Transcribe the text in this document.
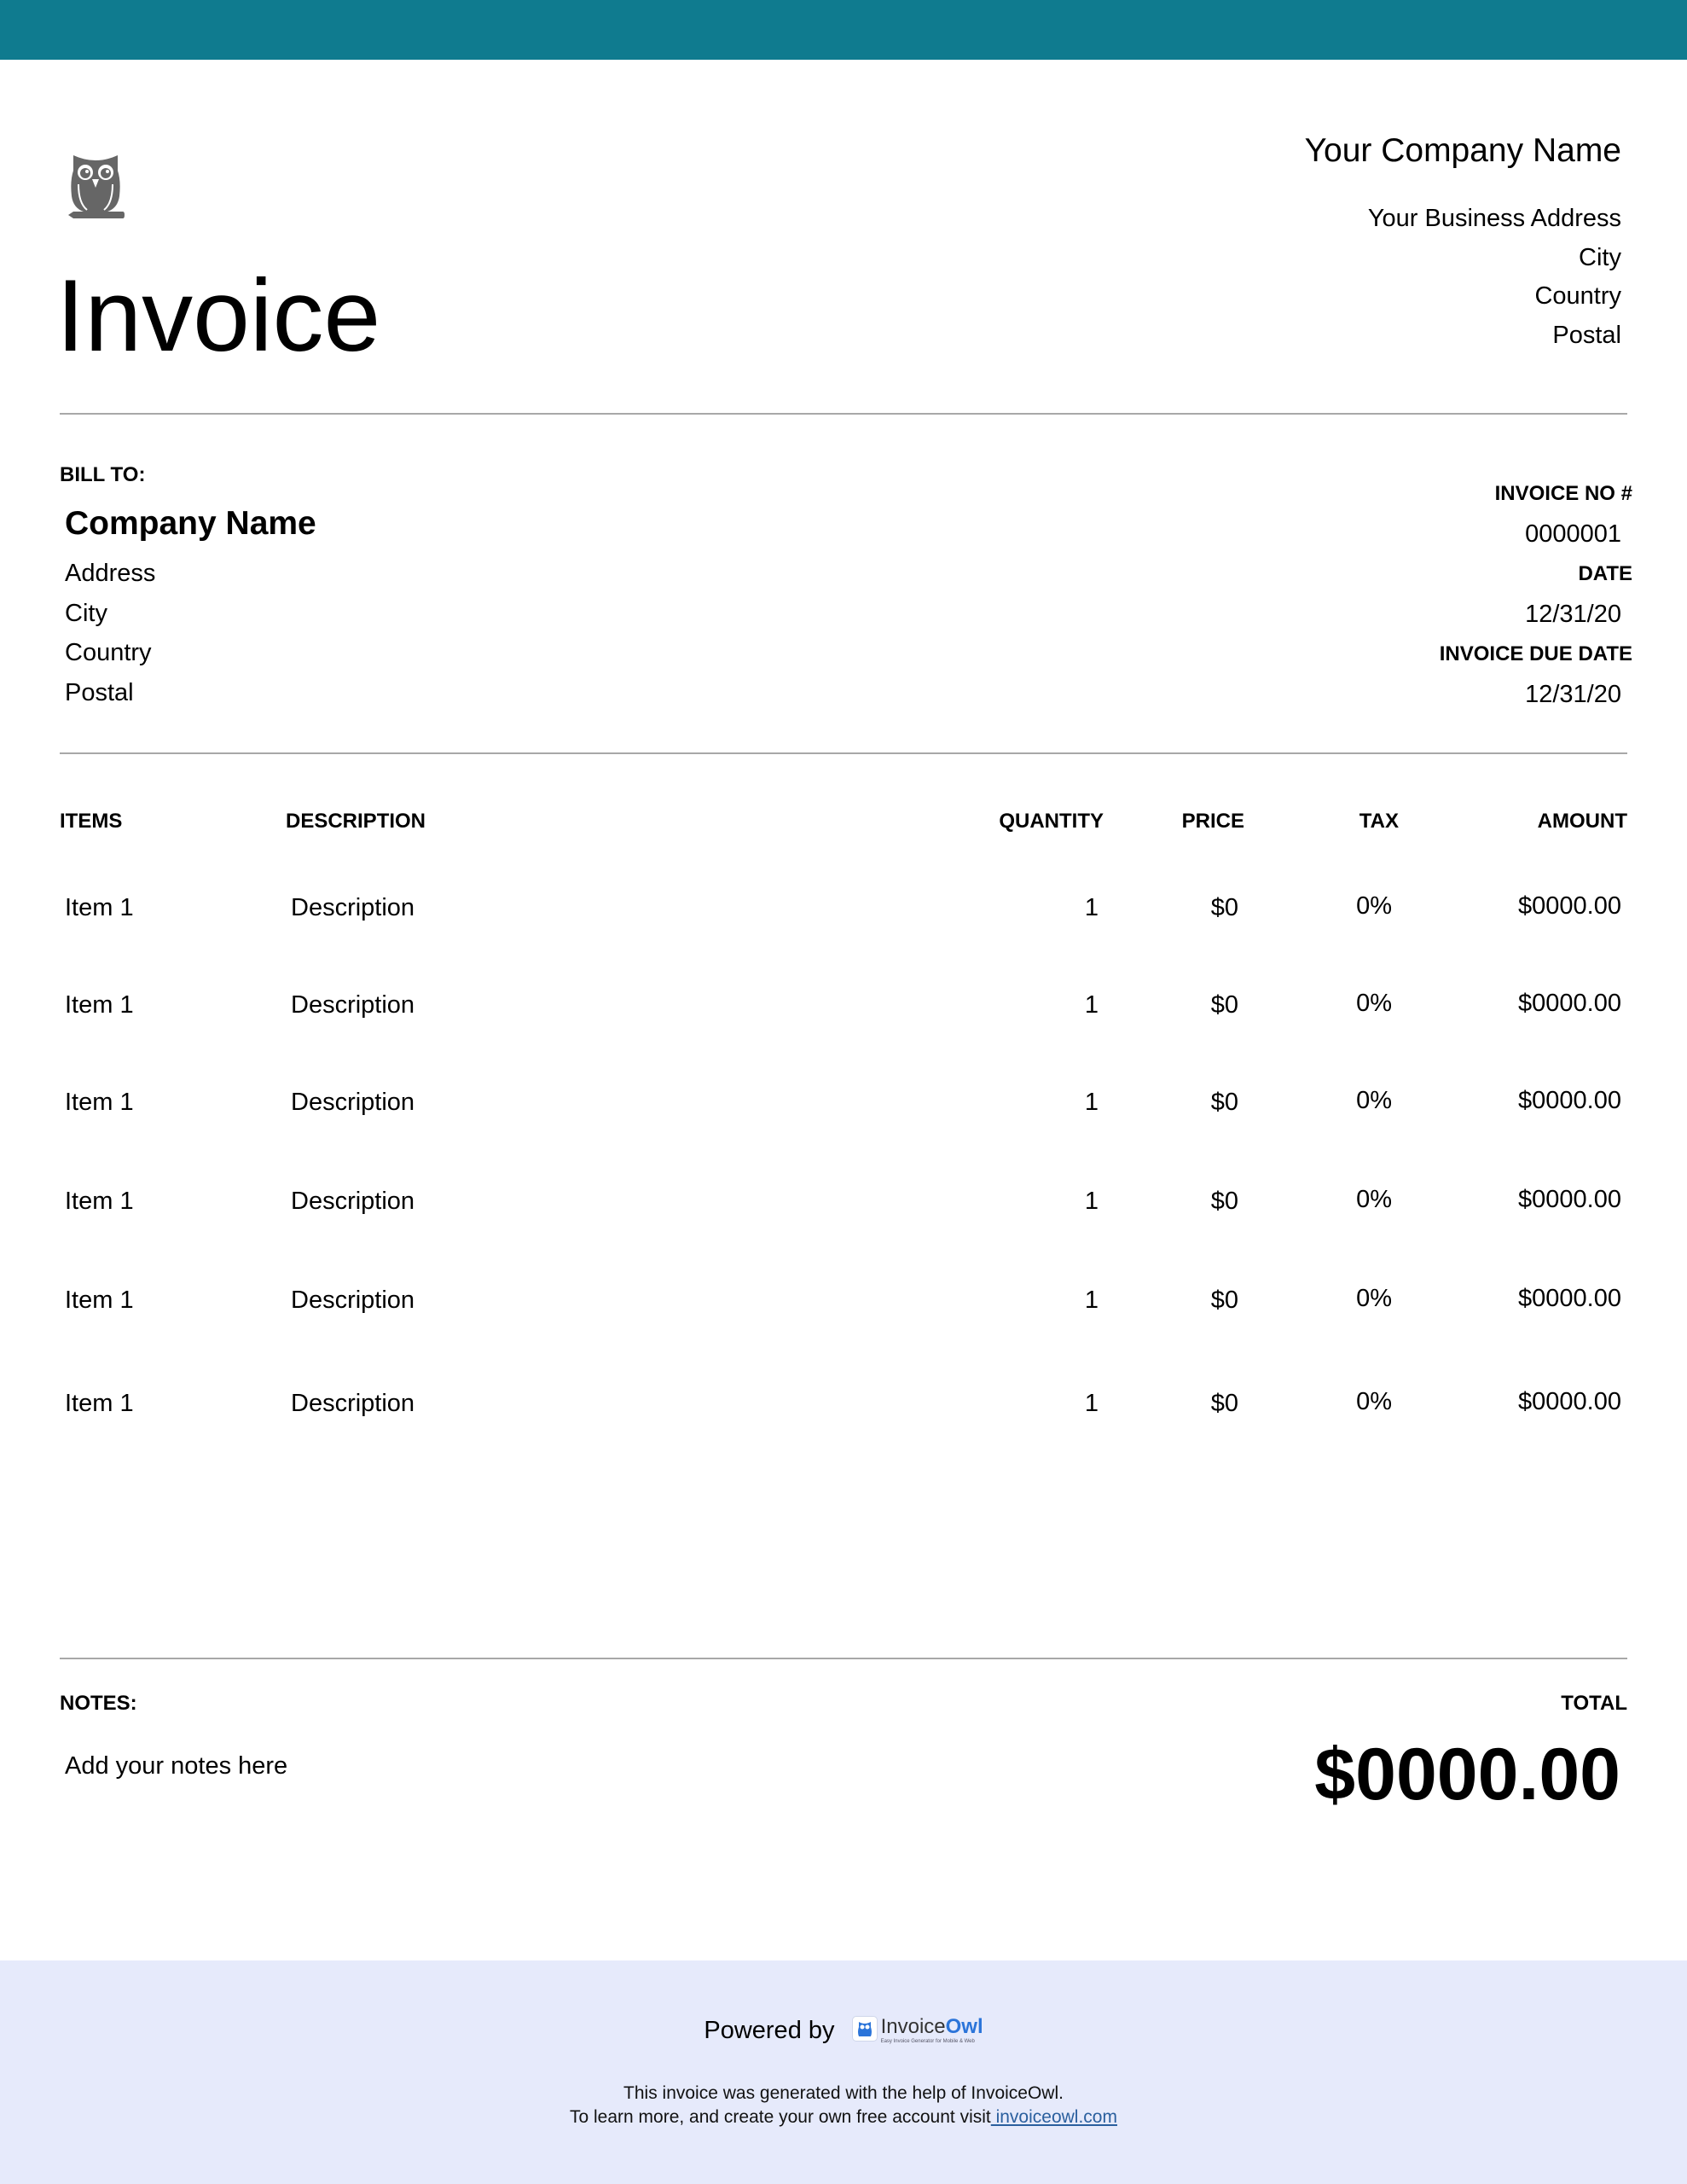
Invoice
Your Company Name
Your Business Address
City
Country
Postal
BILL TO:
Company Name
Address
City
Country
Postal
INVOICE NO #
0000001
DATE
12/31/20
INVOICE DUE DATE
12/31/20
ITEMS	DESCRIPTION	QUANTITY	PRICE	TAX	AMOUNT
Item 1	Description	1	$0	0%	$0000.00
Item 1	Description	1	$0	0%	$0000.00
Item 1	Description	1	$0	0%	$0000.00
Item 1	Description	1	$0	0%	$0000.00
Item 1	Description	1	$0	0%	$0000.00
Item 1	Description	1	$0	0%	$0000.00
NOTES:
Add your notes here
TOTAL
$0000.00
Powered by InvoiceOwl
Easy Invoice Generator for Mobile & Web
This invoice was generated with the help of InvoiceOwl.
To learn more, and create your own free account visit invoiceowl.com
